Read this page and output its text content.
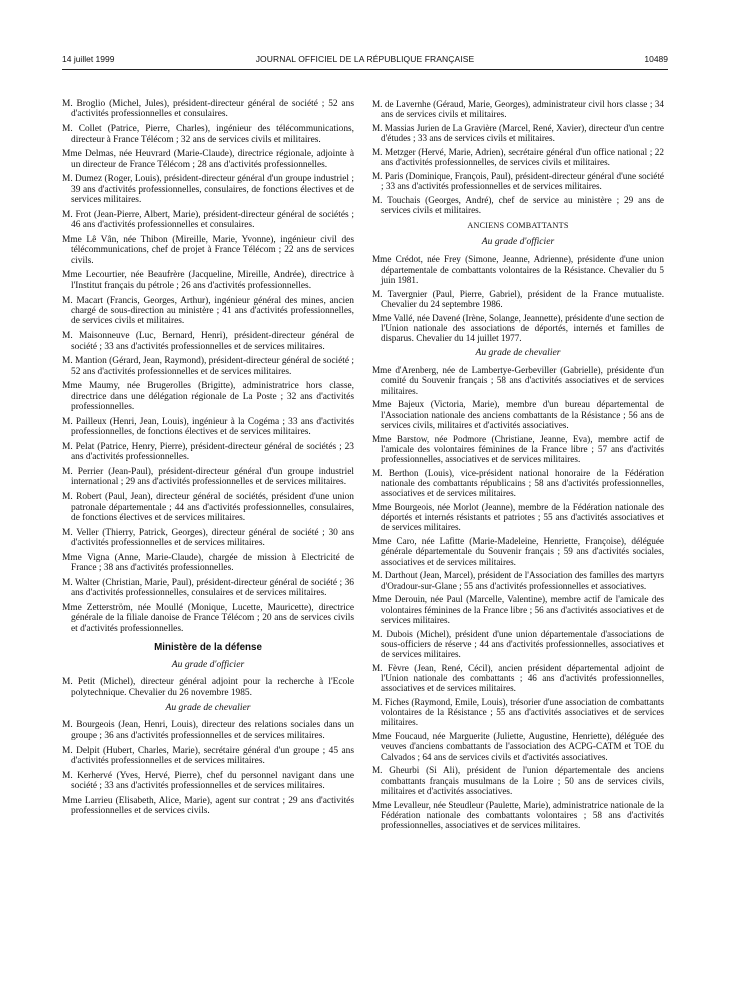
14 juillet 1999	JOURNAL OFFICIEL DE LA RÉPUBLIQUE FRANÇAISE	10489

M. Broglio (Michel, Jules), président-directeur général de société ; 52 ans d'activités professionnelles et consulaires.

M. Collet (Patrice, Pierre, Charles), ingénieur des télécommunications, directeur à France Télécom ; 32 ans de services civils et militaires.

Mme Delmas, née Heuvrard (Marie-Claude), directrice régionale, adjointe à un directeur de France Télécom ; 28 ans d'activités professionnelles.

M. Dumez (Roger, Louis), président-directeur général d'un groupe industriel ; 39 ans d'activités professionnelles, consulaires, de fonctions électives et de services militaires.

M. Frot (Jean-Pierre, Albert, Marie), président-directeur général de sociétés ; 46 ans d'activités professionnelles et consulaires.

Mme Lê Vân, née Thibon (Mireille, Marie, Yvonne), ingénieur civil des télécommunications, chef de projet à France Télécom ; 22 ans de services civils.

Mme Lecourtier, née Beaufrère (Jacqueline, Mireille, Andrée), directrice à l'Institut français du pétrole ; 26 ans d'activités professionnelles.

M. Macart (Francis, Georges, Arthur), ingénieur général des mines, ancien chargé de sous-direction au ministère ; 41 ans d'activités professionnelles, de services civils et militaires.

M. Maisonneuve (Luc, Bernard, Henri), président-directeur général de société ; 33 ans d'activités professionnelles et de services militaires.

M. Mantion (Gérard, Jean, Raymond), président-directeur général de société ; 52 ans d'activités professionnelles et de services militaires.

Mme Maumy, née Brugerolles (Brigitte), administratrice hors classe, directrice dans une délégation régionale de La Poste ; 32 ans d'activités professionnelles.

M. Pailleux (Henri, Jean, Louis), ingénieur à la Cogéma ; 33 ans d'activités professionnelles, de fonctions électives et de services militaires.

M. Pelat (Patrice, Henry, Pierre), président-directeur général de sociétés ; 23 ans d'activités professionnelles.

M. Perrier (Jean-Paul), président-directeur général d'un groupe industriel international ; 29 ans d'activités professionnelles et de services militaires.

M. Robert (Paul, Jean), directeur général de sociétés, président d'une union patronale départementale ; 44 ans d'activités professionnelles, consulaires, de fonctions électives et de services militaires.

M. Veller (Thierry, Patrick, Georges), directeur général de société ; 30 ans d'activités professionnelles et de services militaires.

Mme Vigna (Anne, Marie-Claude), chargée de mission à Electricité de France ; 38 ans d'activités professionnelles.

M. Walter (Christian, Marie, Paul), président-directeur général de société ; 36 ans d'activités professionnelles, consulaires et de services militaires.

Mme Zetterström, née Moullé (Monique, Lucette, Mauricette), directrice générale de la filiale danoise de France Télécom ; 20 ans de services civils et d'activités professionnelles.

Ministère de la défense
Au grade d'officier

M. Petit (Michel), directeur général adjoint pour la recherche à l'Ecole polytechnique. Chevalier du 26 novembre 1985.

Au grade de chevalier

M. Bourgeois (Jean, Henri, Louis), directeur des relations sociales dans un groupe ; 36 ans d'activités professionnelles et de services militaires.

M. Delpit (Hubert, Charles, Marie), secrétaire général d'un groupe ; 45 ans d'activités professionnelles et de services militaires.

M. Kerhervé (Yves, Hervé, Pierre), chef du personnel navigant dans une société ; 33 ans d'activités professionnelles et de services militaires.

Mme Larrieu (Elisabeth, Alice, Marie), agent sur contrat ; 29 ans d'activités professionnelles et de services civils.

M. de Lavernhe (Géraud, Marie, Georges), administrateur civil hors classe ; 34 ans de services civils et militaires.

M. Massias Jurien de La Gravière (Marcel, René, Xavier), directeur d'un centre d'études ; 33 ans de services civils et militaires.

M. Metzger (Hervé, Marie, Adrien), secrétaire général d'un office national ; 22 ans d'activités professionnelles, de services civils et militaires.

M. Paris (Dominique, François, Paul), président-directeur général d'une société ; 33 ans d'activités professionnelles et de services militaires.

M. Touchais (Georges, André), chef de service au ministère ; 29 ans de services civils et militaires.

ANCIENS COMBATTANTS
Au grade d'officier

Mme Crédot, née Frey (Simone, Jeanne, Adrienne), présidente d'une union départementale de combattants volontaires de la Résistance. Chevalier du 5 juin 1981.

M. Tavergnier (Paul, Pierre, Gabriel), président de la France mutualiste. Chevalier du 24 septembre 1986.

Mme Vallé, née Davené (Irène, Solange, Jeannette), présidente d'une section de l'Union nationale des associations de déportés, internés et familles de disparus. Chevalier du 14 juillet 1977.

Au grade de chevalier

Mme d'Arenberg, née de Lambertye-Gerbeviller (Gabrielle), présidente d'un comité du Souvenir français ; 58 ans d'activités associatives et de services militaires.

Mme Bajeux (Victoria, Marie), membre d'un bureau départemental de l'Association nationale des anciens combattants de la Résistance ; 56 ans de services civils, militaires et d'activités associatives.

Mme Barstow, née Podmore (Christiane, Jeanne, Eva), membre actif de l'amicale des volontaires féminines de la France libre ; 57 ans d'activités professionnelles, associatives et de services militaires.

M. Berthon (Louis), vice-président national honoraire de la Fédération nationale des combattants républicains ; 58 ans d'activités professionnelles, associatives et de services militaires.

Mme Bourgeois, née Morlot (Jeanne), membre de la Fédération nationale des déportés et internés résistants et patriotes ; 55 ans d'activités associatives et de services militaires.

Mme Caro, née Lafitte (Marie-Madeleine, Henriette, Françoise), déléguée générale départementale du Souvenir français ; 59 ans d'activités sociales, associatives et de services militaires.

M. Darthout (Jean, Marcel), président de l'Association des familles des martyrs d'Oradour-sur-Glane ; 55 ans d'activités professionnelles et associatives.

Mme Derouin, née Paul (Marcelle, Valentine), membre actif de l'amicale des volontaires féminines de la France libre ; 56 ans d'activités associatives et de services militaires.

M. Dubois (Michel), président d'une union départementale d'associations de sous-officiers de réserve ; 44 ans d'activités professionnelles, associatives et de services militaires.

M. Fèvre (Jean, René, Cécil), ancien président départemental adjoint de l'Union nationale des combattants ; 46 ans d'activités professionnelles, associatives et de services militaires.

M. Fiches (Raymond, Emile, Louis), trésorier d'une association de combattants volontaires de la Résistance ; 55 ans d'activités associatives et de services militaires.

Mme Foucaud, née Marguerite (Juliette, Augustine, Henriette), déléguée des veuves d'anciens combattants de l'association des ACPG-CATM et TOE du Calvados ; 64 ans de services civils et d'activités associatives.

M. Gheurbi (Si Ali), président de l'union départementale des anciens combattants français musulmans de la Loire ; 50 ans de services civils, militaires et d'activités associatives.

Mme Levalleur, née Steudleur (Paulette, Marie), administratrice nationale de la Fédération nationale des combattants volontaires ; 58 ans d'activités professionnelles, associatives et de services militaires.
